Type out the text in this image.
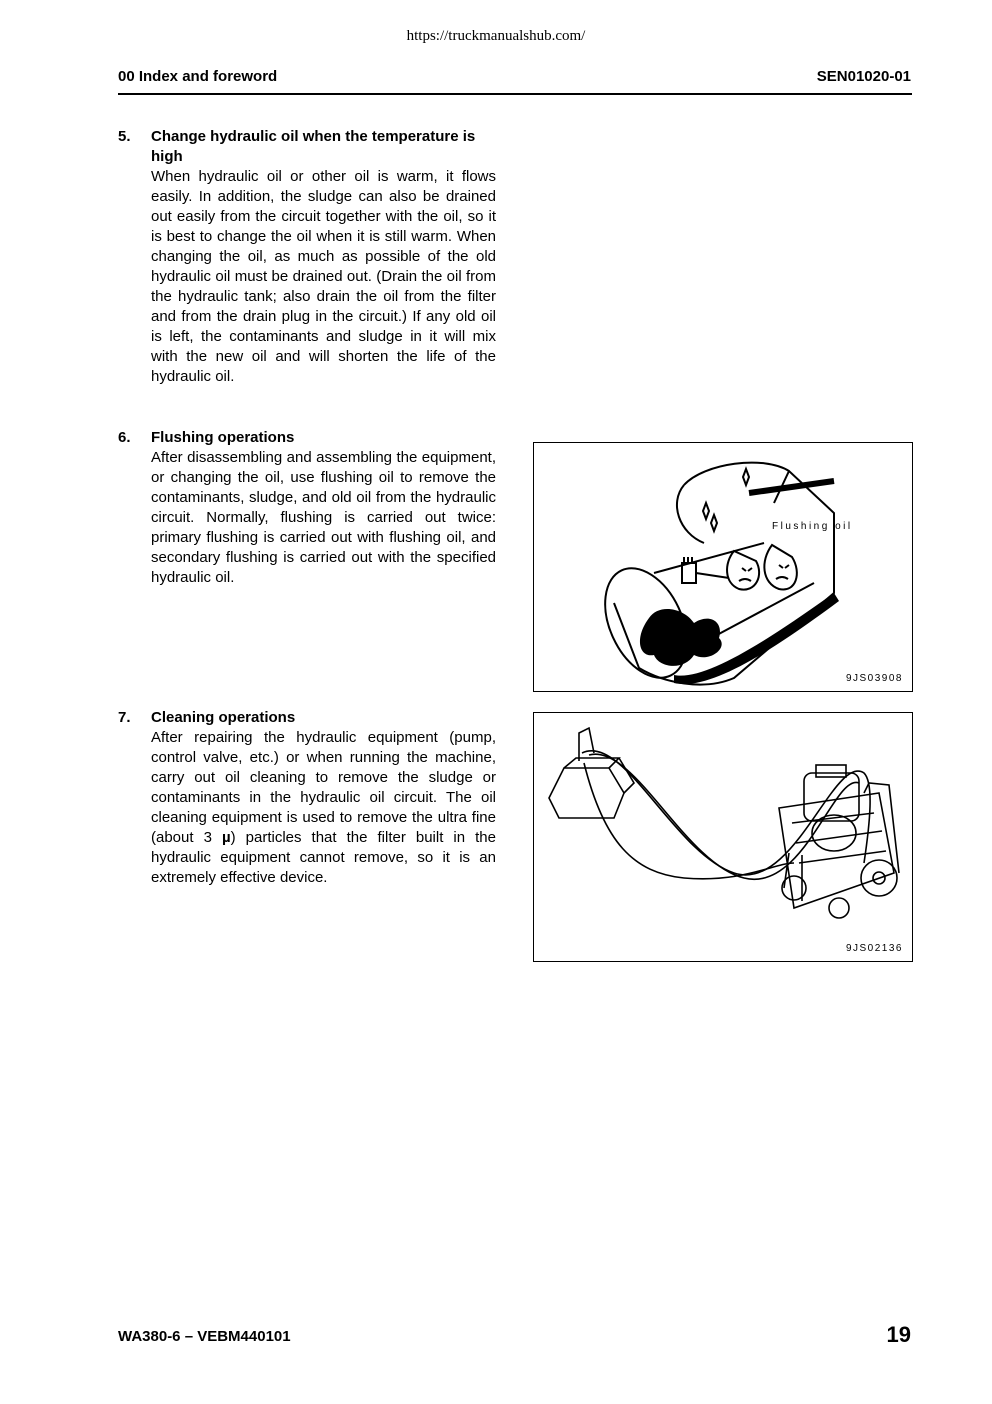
https://truckmanualshub.com/
00 Index and foreword	SEN01020-01
5. Change hydraulic oil when the temperature is high
When hydraulic oil or other oil is warm, it flows easily. In addition, the sludge can also be drained out easily from the circuit together with the oil, so it is best to change the oil when it is still warm. When changing the oil, as much as possible of the old hydraulic oil must be drained out. (Drain the oil from the hydraulic tank; also drain the oil from the filter and from the drain plug in the circuit.) If any old oil is left, the contaminants and sludge in it will mix with the new oil and will shorten the life of the hydraulic oil.
6. Flushing operations
After disassembling and assembling the equipment, or changing the oil, use flushing oil to remove the contaminants, sludge, and old oil from the hydraulic circuit. Normally, flushing is carried out twice: primary flushing is carried out with flushing oil, and secondary flushing is carried out with the specified hydraulic oil.
7. Cleaning operations
After repairing the hydraulic equipment (pump, control valve, etc.) or when running the machine, carry out oil cleaning to remove the sludge or contaminants in the hydraulic oil circuit. The oil cleaning equipment is used to remove the ultra fine (about 3 µ) particles that the filter built in the hydraulic equipment cannot remove, so it is an extremely effective device.
Flushing oil
9JS03908
9JS02136
WA380-6 – VEBM440101	19
